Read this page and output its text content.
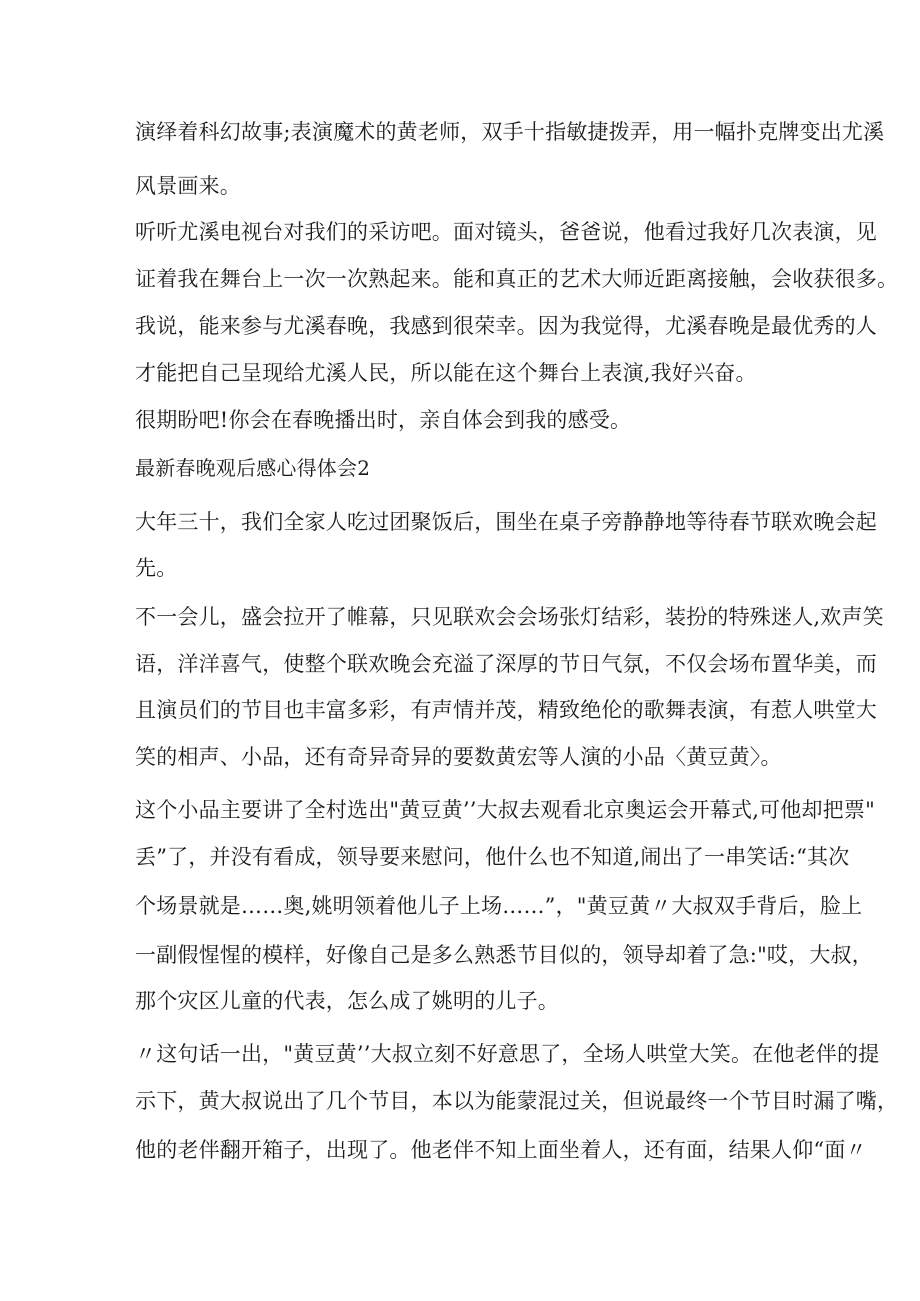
演绎着科幻故事;表演魔术的黄老师，双手十指敏捷拨弄，用一幅扑克牌变出尤溪

风景画来。

听听尤溪电视台对我们的采访吧。面对镜头，爸爸说，他看过我好几次表演，见

证着我在舞台上一次一次熟起来。能和真正的艺术大师近距离接触，会收获很多。

我说，能来参与尤溪春晚，我感到很荣幸。因为我觉得，尤溪春晚是最优秀的人

才能把自己呈现给尤溪人民，所以能在这个舞台上表演,我好兴奋。

很期盼吧!你会在春晚播出时，亲自体会到我的感受。

最新春晚观后感心得体会2

大年三十，我们全家人吃过团聚饭后，围坐在桌子旁静静地等待春节联欢晚会起

先。

不一会儿，盛会拉开了帷幕，只见联欢会会场张灯结彩，装扮的特殊迷人,欢声笑

语，洋洋喜气，使整个联欢晚会充溢了深厚的节日气氛，不仅会场布置华美，而

且演员们的节目也丰富多彩，有声情并茂，精致绝伦的歌舞表演，有惹人哄堂大

笑的相声、小品，还有奇异奇异的要数黄宏等人演的小品〈黄豆黄〉。

这个小品主要讲了全村选出"黄豆黄’’大叔去观看北京奥运会开幕式,可他却把票"

丢”了，并没有看成，领导要来慰问，他什么也不知道,闹出了一串笑话:“其次

个场景就是……奥,姚明领着他儿子上场……”，"黄豆黄〃大叔双手背后，脸上

一副假惺惺的模样，好像自己是多么熟悉节目似的，领导却着了急:"哎，大叔，

那个灾区儿童的代表，怎么成了姚明的儿子。

〃这句话一出，"黄豆黄’’大叔立刻不好意思了，全场人哄堂大笑。在他老伴的提

示下，黄大叔说出了几个节目，本以为能蒙混过关，但说最终一个节目时漏了嘴，

他的老伴翻开箱子，出现了。他老伴不知上面坐着人，还有面，结果人仰“面〃
